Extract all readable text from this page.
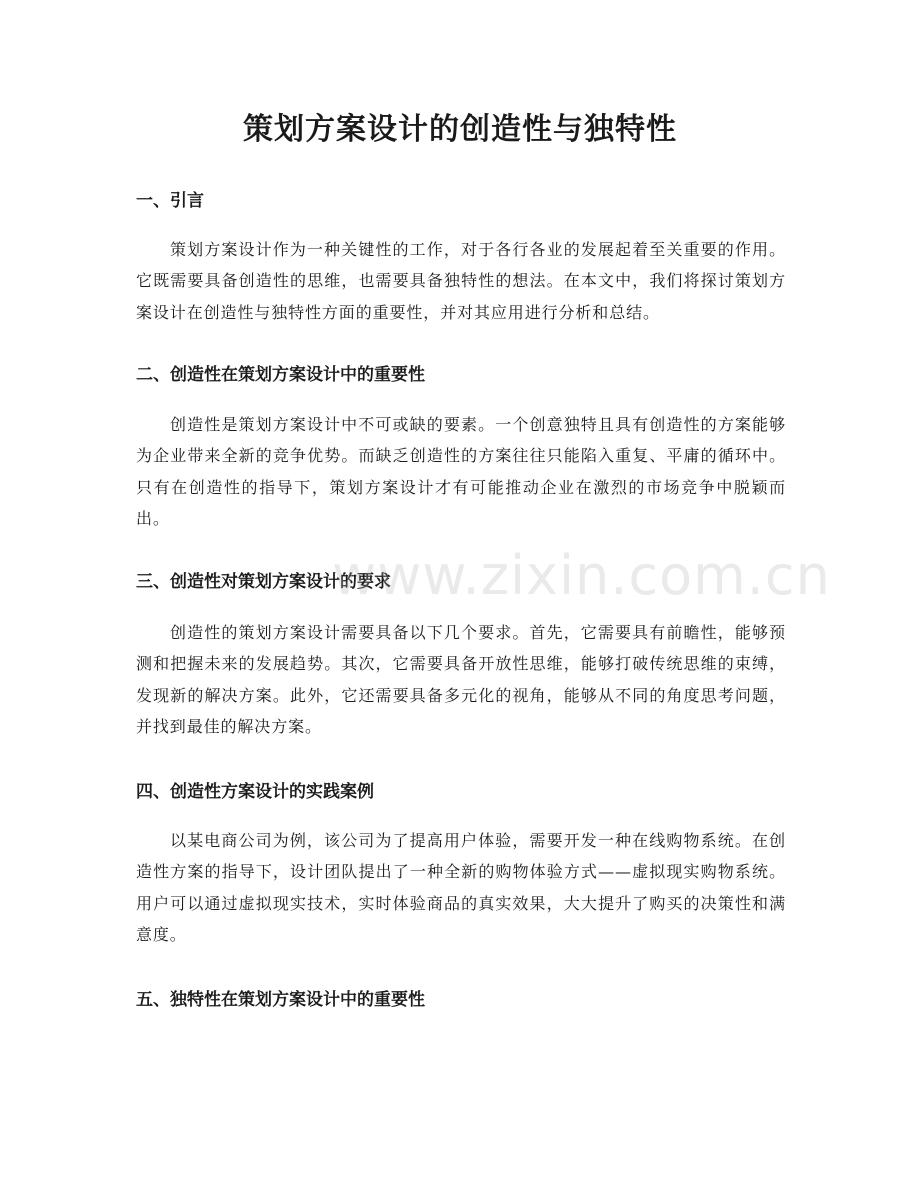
策划方案设计的创造性与独特性
一、引言

策划方案设计作为一种关键性的工作，对于各行各业的发展起着至关重要的作用。它既需要具备创造性的思维，也需要具备独特性的想法。在本文中，我们将探讨策划方案设计在创造性与独特性方面的重要性，并对其应用进行分析和总结。

二、创造性在策划方案设计中的重要性

创造性是策划方案设计中不可或缺的要素。一个创意独特且具有创造性的方案能够为企业带来全新的竞争优势。而缺乏创造性的方案往往只能陷入重复、平庸的循环中。只有在创造性的指导下，策划方案设计才有可能推动企业在激烈的市场竞争中脱颖而出。

三、创造性对策划方案设计的要求

创造性的策划方案设计需要具备以下几个要求。首先，它需要具有前瞻性，能够预测和把握未来的发展趋势。其次，它需要具备开放性思维，能够打破传统思维的束缚，发现新的解决方案。此外，它还需要具备多元化的视角，能够从不同的角度思考问题，并找到最佳的解决方案。

四、创造性方案设计的实践案例

以某电商公司为例，该公司为了提高用户体验，需要开发一种在线购物系统。在创造性方案的指导下，设计团队提出了一种全新的购物体验方式——虚拟现实购物系统。用户可以通过虚拟现实技术，实时体验商品的真实效果，大大提升了购买的决策性和满意度。

五、独特性在策划方案设计中的重要性
www.zixin.com.cn
